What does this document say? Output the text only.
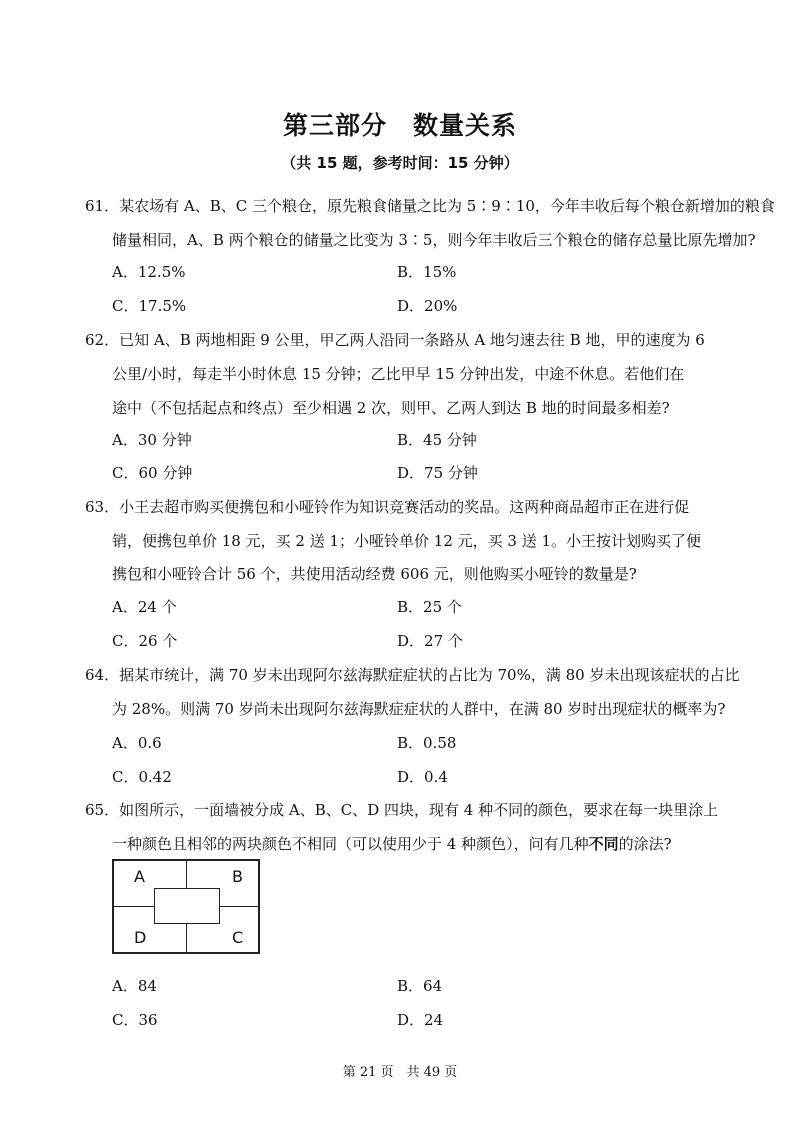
第三部分　数量关系
（共 15 题，参考时间：15 分钟）
61．某农场有 A、B、C 三个粮仓，原先粮食储量之比为 5∶9∶10，今年丰收后每个粮仓新增加的粮食
储量相同，A、B 两个粮仓的储量之比变为 3∶5，则今年丰收后三个粮仓的储存总量比原先增加?
A．12.5%	B．15%
C．17.5%	D．20%
62．已知 A、B 两地相距 9 公里，甲乙两人沿同一条路从 A 地匀速去往 B 地，甲的速度为 6
公里/小时，每走半小时休息 15 分钟；乙比甲早 15 分钟出发，中途不休息。若他们在
途中（不包括起点和终点）至少相遇 2 次，则甲、乙两人到达 B 地的时间最多相差?
A．30 分钟	B．45 分钟
C．60 分钟	D．75 分钟
63．小王去超市购买便携包和小哑铃作为知识竞赛活动的奖品。这两种商品超市正在进行促
销，便携包单价 18 元，买 2 送 1；小哑铃单价 12 元，买 3 送 1。小王按计划购买了便
携包和小哑铃合计 56 个，共使用活动经费 606 元，则他购买小哑铃的数量是?
A．24 个	B．25 个
C．26 个	D．27 个
64．据某市统计，满 70 岁未出现阿尔兹海默症症状的占比为 70%，满 80 岁未出现该症状的占比
为 28%。则满 70 岁尚未出现阿尔兹海默症症状的人群中，在满 80 岁时出现症状的概率为?
A．0.6	B．0.58
C．0.42	D．0.4
65．如图所示，一面墙被分成 A、B、C、D 四块，现有 4 种不同的颜色，要求在每一块里涂上
一种颜色且相邻的两块颜色不相同（可以使用少于 4 种颜色），问有几种不同的涂法?
A	B
D	C
A．84	B．64
C．36	D．24
第 21 页　共 49 页
